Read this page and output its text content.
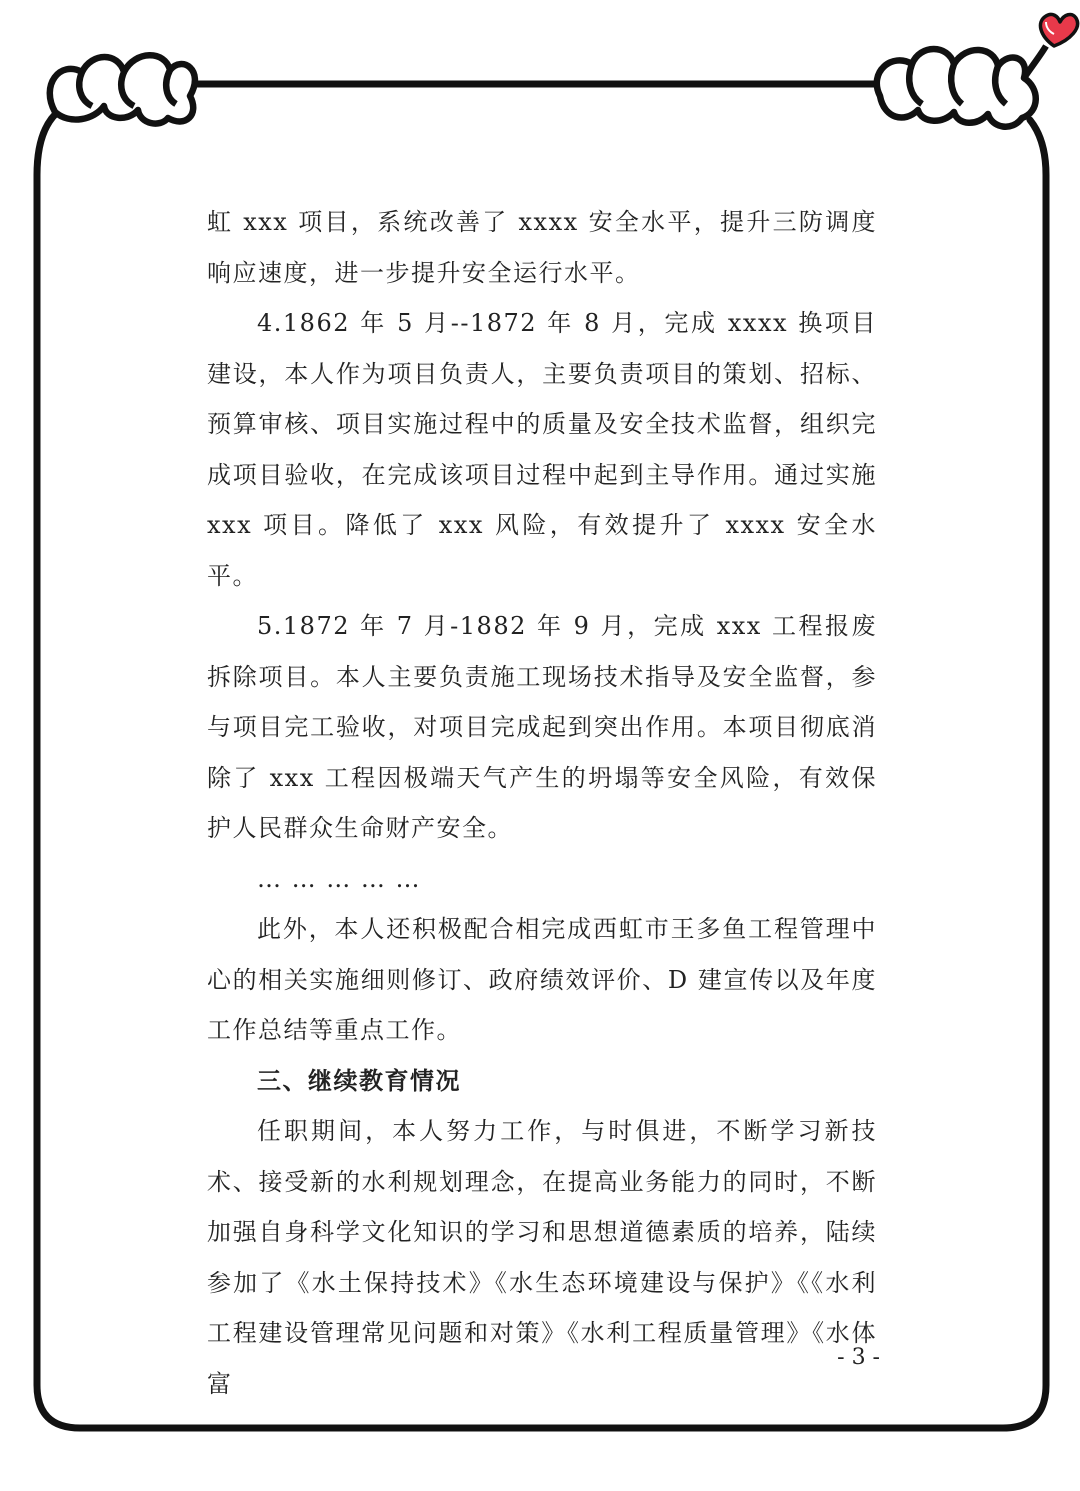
虹 xxx 项目，系统改善了 xxxx 安全水平，提升三防调度响应速度，进一步提升安全运行水平。

4.1862 年 5 月--1872 年 8 月，完成 xxxx 换项目建设，本人作为项目负责人，主要负责项目的策划、招标、预算审核、项目实施过程中的质量及安全技术监督，组织完成项目验收，在完成该项目过程中起到主导作用。通过实施 xxx 项目。降低了 xxx 风险，有效提升了 xxxx 安全水平。

5.1872 年 7 月-1882 年 9 月，完成 xxx 工程报废拆除项目。本人主要负责施工现场技术指导及安全监督，参与项目完工验收，对项目完成起到突出作用。本项目彻底消除了 xxx 工程因极端天气产生的坍塌等安全风险，有效保护人民群众生命财产安全。

… … … … …

此外，本人还积极配合相完成西虹市王多鱼工程管理中心的相关实施细则修订、政府绩效评价、D 建宣传以及年度工作总结等重点工作。

三、继续教育情况

任职期间，本人努力工作，与时俱进，不断学习新技术、接受新的水利规划理念，在提高业务能力的同时，不断加强自身科学文化知识的学习和思想道德素质的培养，陆续参加了《水土保持技术》《水生态环境建设与保护》《《水利工程建设管理常见问题和对策》《水利工程质量管理》《水体富

- 3 -
